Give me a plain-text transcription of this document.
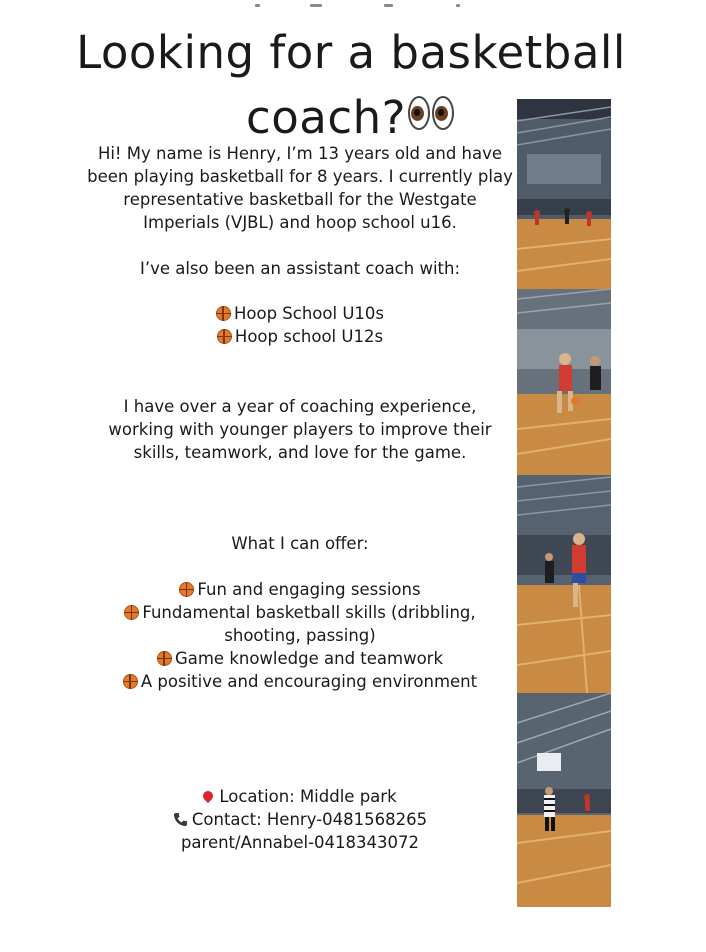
Looking for a basketball
coach?

Hi! My name is Henry, I’m 13 years old and have been playing basketball for 8 years. I currently play representative basketball for the Westgate Imperials (VJBL) and hoop school u16.

I’ve also been an assistant coach with:
Hoop School U10s
Hoop school U12s

I have over a year of coaching experience, working with younger players to improve their skills, teamwork, and love for the game.

What I can offer:
Fun and engaging sessions
Fundamental basketball skills (dribbling, shooting, passing)
Game knowledge and teamwork
A positive and encouraging environment
Location: Middle park
Contact: Henry-0481568265
parent/Annabel-0418343072
